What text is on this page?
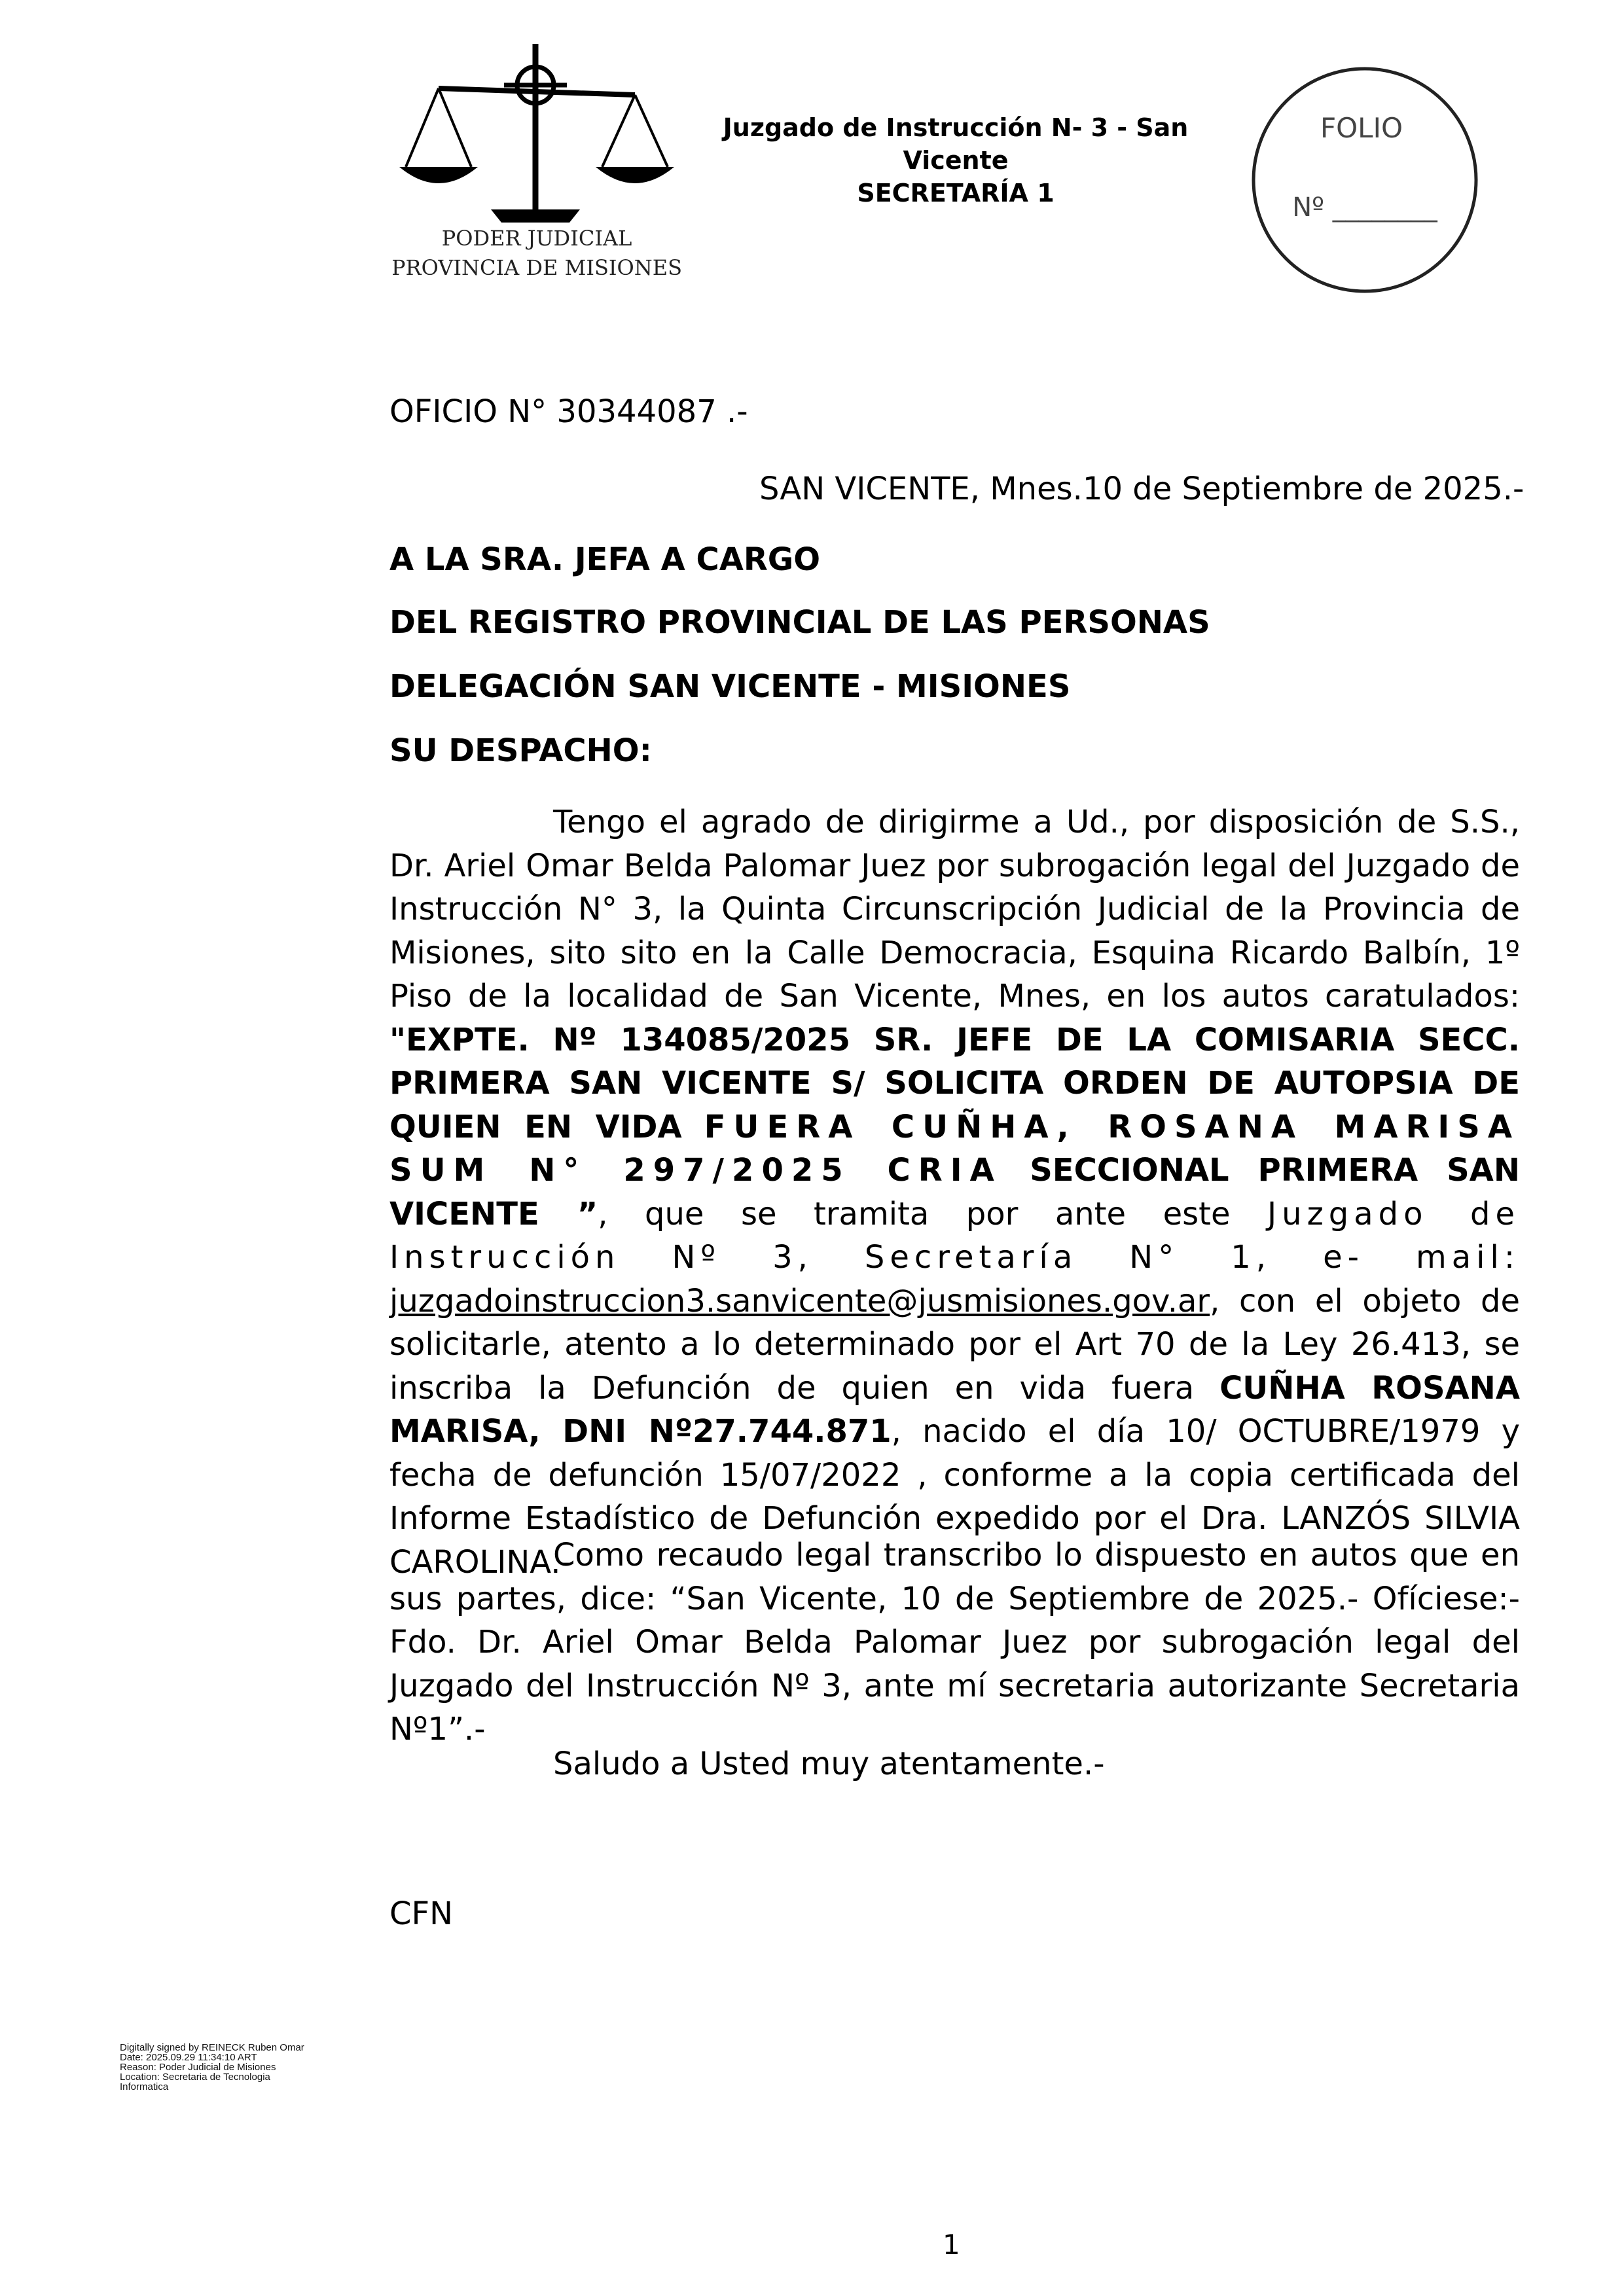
PODER JUDICIAL
PROVINCIA DE MISIONES
Juzgado de Instrucción N- 3 - San
Vicente
SECRETARÍA 1
FOLIO
Nº ________
OFICIO N° 30344087 .-
SAN VICENTE, Mnes.10 de Septiembre de 2025.-
A LA SRA. JEFA A CARGO
DEL REGISTRO PROVINCIAL DE LAS PERSONAS
DELEGACIÓN SAN VICENTE - MISIONES
SU DESPACHO:
Tengo el agrado de dirigirme a Ud., por disposición de S.S., Dr. Ariel Omar Belda Palomar Juez por subrogación legal del Juzgado de Instrucción N° 3, la Quinta Circunscripción Judicial de la Provincia de Misiones, sito sito en la Calle Democracia, Esquina Ricardo Balbín, 1º Piso de la localidad de San Vicente, Mnes, en los autos caratulados: "EXPTE. Nº 134085/2025 SR. JEFE DE LA COMISARIA SECC. PRIMERA SAN VICENTE S/ SOLICITA ORDEN DE AUTOPSIA DE QUIEN EN VIDA FUERA CUÑHA, ROSANA MARISA SUM N° 297/2025 CRIA SECCIONAL PRIMERA SAN VICENTE ”, que se tramita por ante este Juzgado de Instrucción Nº 3, Secretaría N° 1, e- mail: juzgadoinstruccion3.sanvicente@jusmisiones.gov.ar, con el objeto de solicitarle, atento a lo determinado por el Art 70 de la Ley 26.413, se inscriba la Defunción de quien en vida fuera CUÑHA ROSANA MARISA, DNI Nº27.744.871, nacido el día 10/ OCTUBRE/1979 y fecha de defunción 15/07/2022 , conforme a la copia certificada del Informe Estadístico de Defunción expedido por el Dra. LANZÓS SILVIA CAROLINA.-
Como recaudo legal transcribo lo dispuesto en autos que en sus partes, dice: “San Vicente, 10 de Septiembre de 2025.- Ofíciese:- Fdo. Dr. Ariel Omar Belda Palomar Juez por subrogación legal del Juzgado del Instrucción Nº 3, ante mí secretaria autorizante Secretaria Nº1”.-
Saludo a Usted muy atentamente.-
CFN
Digitally signed by REINECK Ruben Omar
Date: 2025.09.29 11:34:10 ART
Reason: Poder Judicial de Misiones
Location: Secretaria de Tecnologia
Informatica
1
